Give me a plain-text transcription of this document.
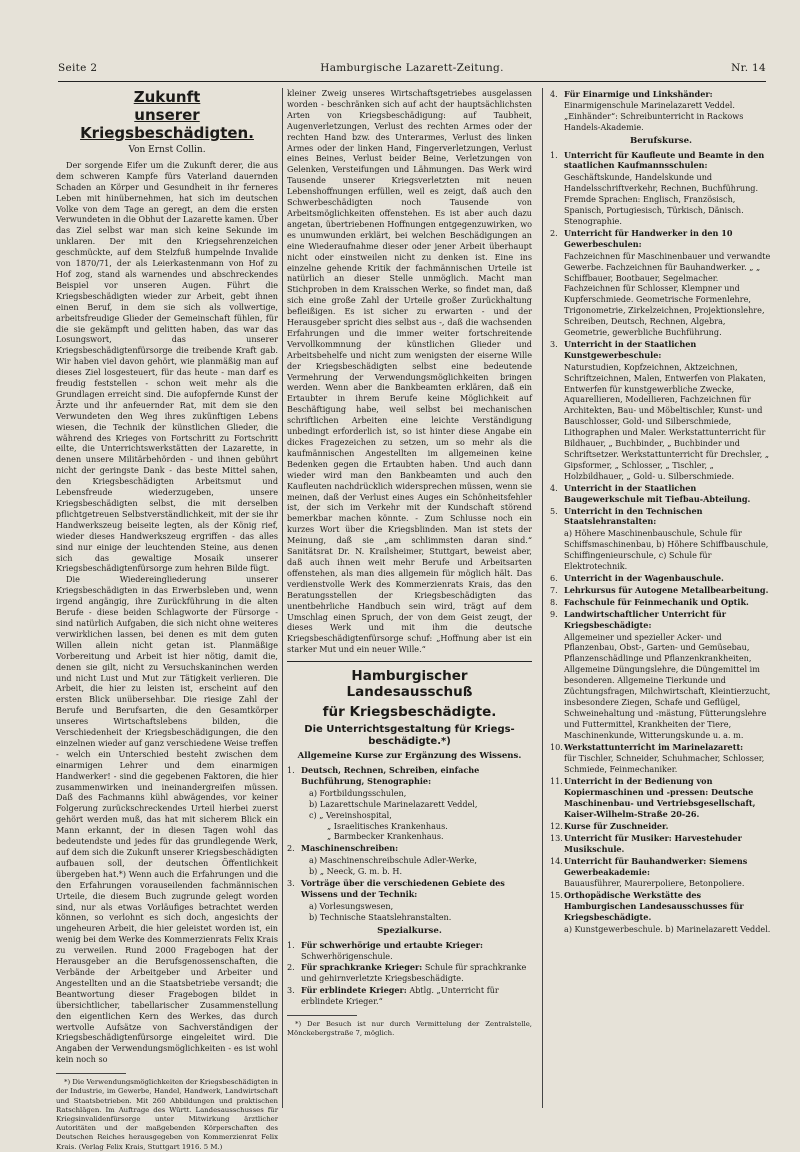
Seite 2	Hamburgische Lazarett-Zeitung.	Nr. 14

Zukunft

unserer Kriegsbeschädigten.

Von Ernst Collin.

Der sorgende Eifer um die Zukunft derer, die aus dem schweren Kampfe fürs Vaterland dauernden Schaden an Körper und Gesundheit in ihr ferneres Leben mit hinübernehmen, hat sich im deutschen Volke von dem Tage an geregt, an dem die ersten Verwundeten in die Obhut der Lazarette kamen. Über das Ziel selbst war man sich keine Sekunde im unklaren. Der mit den Kriegsehrenzeichen geschmückte, auf dem Stelzfuß humpelnde Invalide von 1870/71, der als Leierkastenmann von Hof zu Hof zog, stand als warnendes und abschreckendes Beispiel vor unseren Augen. Führt die Kriegsbeschädigten wieder zur Arbeit, gebt ihnen einen Beruf, in dem sie sich als vollwertige, arbeitsfreudige Glieder der Gemeinschaft fühlen, für die sie gekämpft und gelitten haben, das war das Losungswort, das unserer Kriegsbeschädigtenfürsorge die treibende Kraft gab. Wir haben viel davon gehört, wie planmäßig man auf dieses Ziel losgesteuert, für das heute - man darf es freudig feststellen - schon weit mehr als die Grundlagen erreicht sind. Die aufopfernde Kunst der Ärzte und ihr anfeuernder Rat, mit dem sie den Verwundeten den Weg ihres zukünftigen Lebens wiesen, die Technik der künstlichen Glieder, die während des Krieges von Fortschritt zu Fortschritt eilte, die Unterrichtswerkstätten der Lazarette, in denen unsere Militärbehörden - und ihnen gebührt nicht der geringste Dank - das beste Mittel sahen, den Kriegsbeschädigten Arbeitsmut und Lebensfreude wiederzugeben, unsere Kriegsbeschädigten selbst, die mit derselben pflichtgetreuen Selbstverständlichkeit, mit der sie ihr Handwerkszeug beiseite legten, als der König rief, wieder dieses Handwerkszeug ergriffen - das alles sind nur einige der leuchtenden Steine, aus denen sich das gewaltige Mosaik unserer Kriegsbeschädigtenfürsorge zum hehren Bilde fügt.

Die Wiedereingliederung unserer Kriegsbeschädigten in das Erwerbsleben und, wenn irgend angängig, ihre Zurückführung in die alten Berufe - diese beiden Schlagworte der Fürsorge - sind natürlich Aufgaben, die sich nicht ohne weiteres verwirklichen lassen, bei denen es mit dem guten Willen allein nicht getan ist. Planmäßige Vorbereitung und Arbeit ist hier nötig, damit die, denen sie gilt, nicht zu Versuchskaninchen werden und nicht Lust und Mut zur Tätigkeit verlieren. Die Arbeit, die hier zu leisten ist, erscheint auf den ersten Blick unübersehbar. Die riesige Zahl der Berufe und Berufsarten, die den Gesamtkörper unseres Wirtschaftslebens bilden, die Verschiedenheit der Kriegsbeschädigungen, die den einzelnen wieder auf ganz verschiedene Weise treffen - welch ein Unterschied besteht zwischen dem einarmigen Lehrer und dem einarmigen Handwerker! - sind die gegebenen Faktoren, die hier zusammenwirken und ineinandergreifen müssen. Daß des Fachmanns kühl abwägendes, vor keiner Folgerung zurückschreckendes Urteil hierbei zuerst gehört werden muß, das hat mit sicherem Blick ein Mann erkannt, der in diesen Tagen wohl das bedeutendste und jedes für das grundlegende Werk, auf dem sich die Zukunft unserer Kriegsbeschädigten aufbauen soll, der deutschen Öffentlichkeit übergeben hat.*) Wenn auch die Erfahrungen und die den Erfahrungen vorauseilenden fachmännischen Urteile, die diesem Buch zugrunde gelegt worden sind, nur als etwas Vorläufiges betrachtet werden können, so verlohnt es sich doch, angesichts der ungeheuren Arbeit, die hier geleistet worden ist, ein wenig bei dem Werke des Kommerzienrats Felix Krais zu verweilen. Rund 2000 Fragebogen hat der Herausgeber an die Berufsgenossenschaften, die Verbände der Arbeitgeber und Arbeiter und Angestellten und an die Staatsbetriebe versandt; die Beantwortung dieser Fragebogen bildet in übersichtlicher, tabellarischer Zusammenstellung den eigentlichen Kern des Werkes, das durch wertvolle Aufsätze von Sachverständigen der Kriegsbeschädigtenfürsorge eingeleitet wird. Die Angaben der Verwendungsmöglichkeiten - es ist wohl kein noch so

*) Die Verwendungsmöglichkeiten der Kriegsbeschädigten in der Industrie, im Gewerbe, Handel, Handwerk, Landwirtschaft und Staatsbetrieben. Mit 260 Abbildungen und praktischen Ratschlägen. Im Auftrage des Württ. Landesausschusses für Kriegsinvalidenfürsorge unter Mitwirkung ärztlicher Autoritäten und der maßgebenden Körperschaften des Deutschen Reiches herausgegeben von Kommerzienrat Felix Krais. (Verlag Felix Krais, Stuttgart 1916. 5 M.)

kleiner Zweig unseres Wirtschaftsgetriebes ausgelassen worden - beschränken sich auf acht der hauptsächlichsten Arten von Kriegsbeschädigung: auf Taubheit, Augenverletzungen, Verlust des rechten Armes oder der rechten Hand bzw. des Unterarmes, Verlust des linken Armes oder der linken Hand, Fingerverletzungen, Verlust eines Beines, Verlust beider Beine, Verletzungen von Gelenken, Versteifungen und Lähmungen. Das Werk wird Tausende unserer Kriegsverletzten mit neuen Lebenshoffnungen erfüllen, weil es zeigt, daß auch den Schwerbeschädigten noch Tausende von Arbeitsmöglichkeiten offenstehen. Es ist aber auch dazu angetan, übertriebenen Hoffnungen entgegenzuwirken, wo es unumwunden erklärt, bei welchen Beschädigungen an eine Wiederaufnahme dieser oder jener Arbeit überhaupt nicht oder einstweilen nicht zu denken ist. Eine ins einzelne gehende Kritik der fachmännischen Urteile ist natürlich an dieser Stelle unmöglich. Macht man Stichproben in dem Kraisschen Werke, so findet man, daß sich eine große Zahl der Urteile großer Zurückhaltung befleißigen. Es ist sicher zu erwarten - und der Herausgeber spricht dies selbst aus -, daß die wachsenden Erfahrungen und die immer weiter fortschreitende Vervollkommnung der künstlichen Glieder und Arbeitsbehelfe und nicht zum wenigsten der eiserne Wille der Kriegsbeschädigten selbst eine bedeutende Vermehrung der Verwendungsmöglichkeiten bringen werden. Wenn aber die Bankbeamten erklären, daß ein Ertaubter in ihrem Berufe keine Möglichkeit auf Beschäftigung habe, weil selbst bei mechanischen schriftlichen Arbeiten eine leichte Verständigung unbedingt erforderlich ist, so ist hinter diese Angabe ein dickes Fragezeichen zu setzen, um so mehr als die kaufmännischen Angestellten im allgemeinen keine Bedenken gegen die Ertaubten haben. Und auch dann wieder wird man den Bankbeamten und auch den Kaufleuten nachdrücklich widersprechen müssen, wenn sie meinen, daß der Verlust eines Auges ein Schönheitsfehler ist, der sich im Verkehr mit der Kundschaft störend bemerkbar machen könnte. - Zum Schlusse noch ein kurzes Wort über die Kriegsblinden. Man ist stets der Meinung, daß sie „am schlimmsten daran sind.“ Sanitätsrat Dr. N. Krailsheimer, Stuttgart, beweist aber, daß auch ihnen weit mehr Berufe und Arbeitsarten offenstehen, als man dies allgemein für möglich hält. Das verdienstvolle Werk des Kommerzienrats Krais, das den Beratungsstellen der Kriegsbeschädigten das unentbehrliche Handbuch sein wird, trägt auf dem Umschlag einen Spruch, der von dem Geist zeugt, der dieses Werk und mit ihm die deutsche Kriegsbeschädigtenfürsorge schuf: „Hoffnung aber ist ein starker Mut und ein neuer Wille.“

Hamburgischer Landesausschuß

für Kriegsbeschädigte.

Die Unterrichtsgestaltung für Kriegs-

beschädigte.*)

Allgemeine Kurse zur Ergänzung des Wissens.

1. Deutsch, Rechnen, Schreiben, einfache Buchführung, Stenographie:

a) Fortbildungsschulen,

b) Lazarettschule Marinelazarett Veddel,

c) „ Vereinshospital,

„ Israelitisches Krankenhaus.

„ Barmbecker Krankenhaus.

2. Maschinenschreiben:

a) Maschinenschreibschule Adler-Werke,

b) „ Neeck, G. m. b. H.

3. Vorträge über die verschiedenen Gebiete des Wissens und der Technik:

a) Vorlesungswesen,

b) Technische Staatslehranstalten.

Spezialkurse.

1. Für schwerhörige und ertaubte Krieger: Schwerhörigenschule.
2. Für sprachkranke Krieger: Schule für sprachkranke und gehirnverletzte Kriegsbeschädigte.
3. Für erblindete Krieger: Abtlg. „Unterricht für erblindete Krieger.“

*) Der Besuch ist nur durch Vermittelung der Zentralstelle, Mönckebergstraße 7, möglich.

4. Für Einarmige und Linkshänder: Einarmigenschule Marinelazarett Veddel. „Einhänder“: Schreibunterricht in Rackows Handels-Akademie.

Berufskurse.

1. Unterricht für Kaufleute und Beamte in den staatlichen Kaufmannsschulen:

Geschäftskunde, Handelskunde und Handelsschriftverkehr, Rechnen, Buchführung. Fremde Sprachen: Englisch, Französisch, Spanisch, Portugiesisch, Türkisch, Dänisch. Stenographie.

2. Unterricht für Handwerker in den 10 Gewerbeschulen:

Fachzeichnen für Maschinenbauer und verwandte Gewerbe. Fachzeichnen für Bauhandwerker. „ „ Schiffbauer, Bootbauer, Segelmacher. Fachzeichnen für Schlosser, Klempner und Kupferschmiede. Geometrische Formenlehre, Trigonometrie, Zirkelzeichnen, Projektionslehre, Schreiben, Deutsch, Rechnen, Algebra, Geometrie, gewerbliche Buchführung.

3. Unterricht in der Staatlichen Kunstgewerbeschule:

Naturstudien, Kopfzeichnen, Aktzeichnen, Schriftzeichnen, Malen, Entwerfen von Plakaten, Entwerfen für kunstgewerbliche Zwecke, Aquarellieren, Modellieren, Fachzeichnen für Architekten, Bau- und Möbeltischler, Kunst- und Bauschlosser, Gold- und Silberschmiede, Lithographen und Maler. Werkstattunterricht für Bildhauer, „ Buchbinder, „ Buchbinder und Schriftsetzer. Werkstattunterricht für Drechsler, „ Gipsformer, „ Schlosser, „ Tischler, „ Holzbildhauer, „ Gold- u. Silberschmiede.

4. Unterricht in der Staatlichen Baugewerkschule mit Tiefbau-Abteilung.
5. Unterricht in den Technischen Staatslehranstalten:

a) Höhere Maschinenbauschule, Schule für Schiffsmaschinenbau, b) Höhere Schiffbauschule, Schiffingenieurschule, c) Schule für Elektrotechnik.

6. Unterricht in der Wagenbauschule.
7. Lehrkursus für Autogene Metallbearbeitung.
8. Fachschule für Feinmechanik und Optik.
9. Landwirtschaftlicher Unterricht für Kriegsbeschädigte:

Allgemeiner und spezieller Acker- und Pflanzenbau, Obst-, Garten- und Gemüsebau, Pflanzenschädlinge und Pflanzenkrankheiten, Allgemeine Düngungslehre, die Düngemittel im besonderen. Allgemeine Tierkunde und Züchtungsfragen, Milchwirtschaft, Kleintierzucht, insbesondere Ziegen, Schafe und Geflügel, Schweinehaltung und -mästung, Fütterungslehre und Futtermittel, Krankheiten der Tiere, Maschinenkunde, Witterungskunde u. a. m.

10. Werkstattunterricht im Marinelazarett:

für Tischler, Schneider, Schuhmacher, Schlosser, Schmiede, Feinmechaniker.

11. Unterricht in der Bedienung von Kopiermaschinen und -pressen: Deutsche Maschinenbau- und Vertriebsgesellschaft, Kaiser-Wilhelm-Straße 20-26.
12. Kurse für Zuschneider.
13. Unterricht für Musiker: Harvestehuder Musikschule.
14. Unterricht für Bauhandwerker: Siemens Gewerbeakademie:

Bauausführer, Maurerpoliere, Betonpoliere.

15. Orthopädische Werkstätte des Hamburgischen Landesausschusses für Kriegsbeschädigte.

a) Kunstgewerbeschule. b) Marinelazarett Veddel.
